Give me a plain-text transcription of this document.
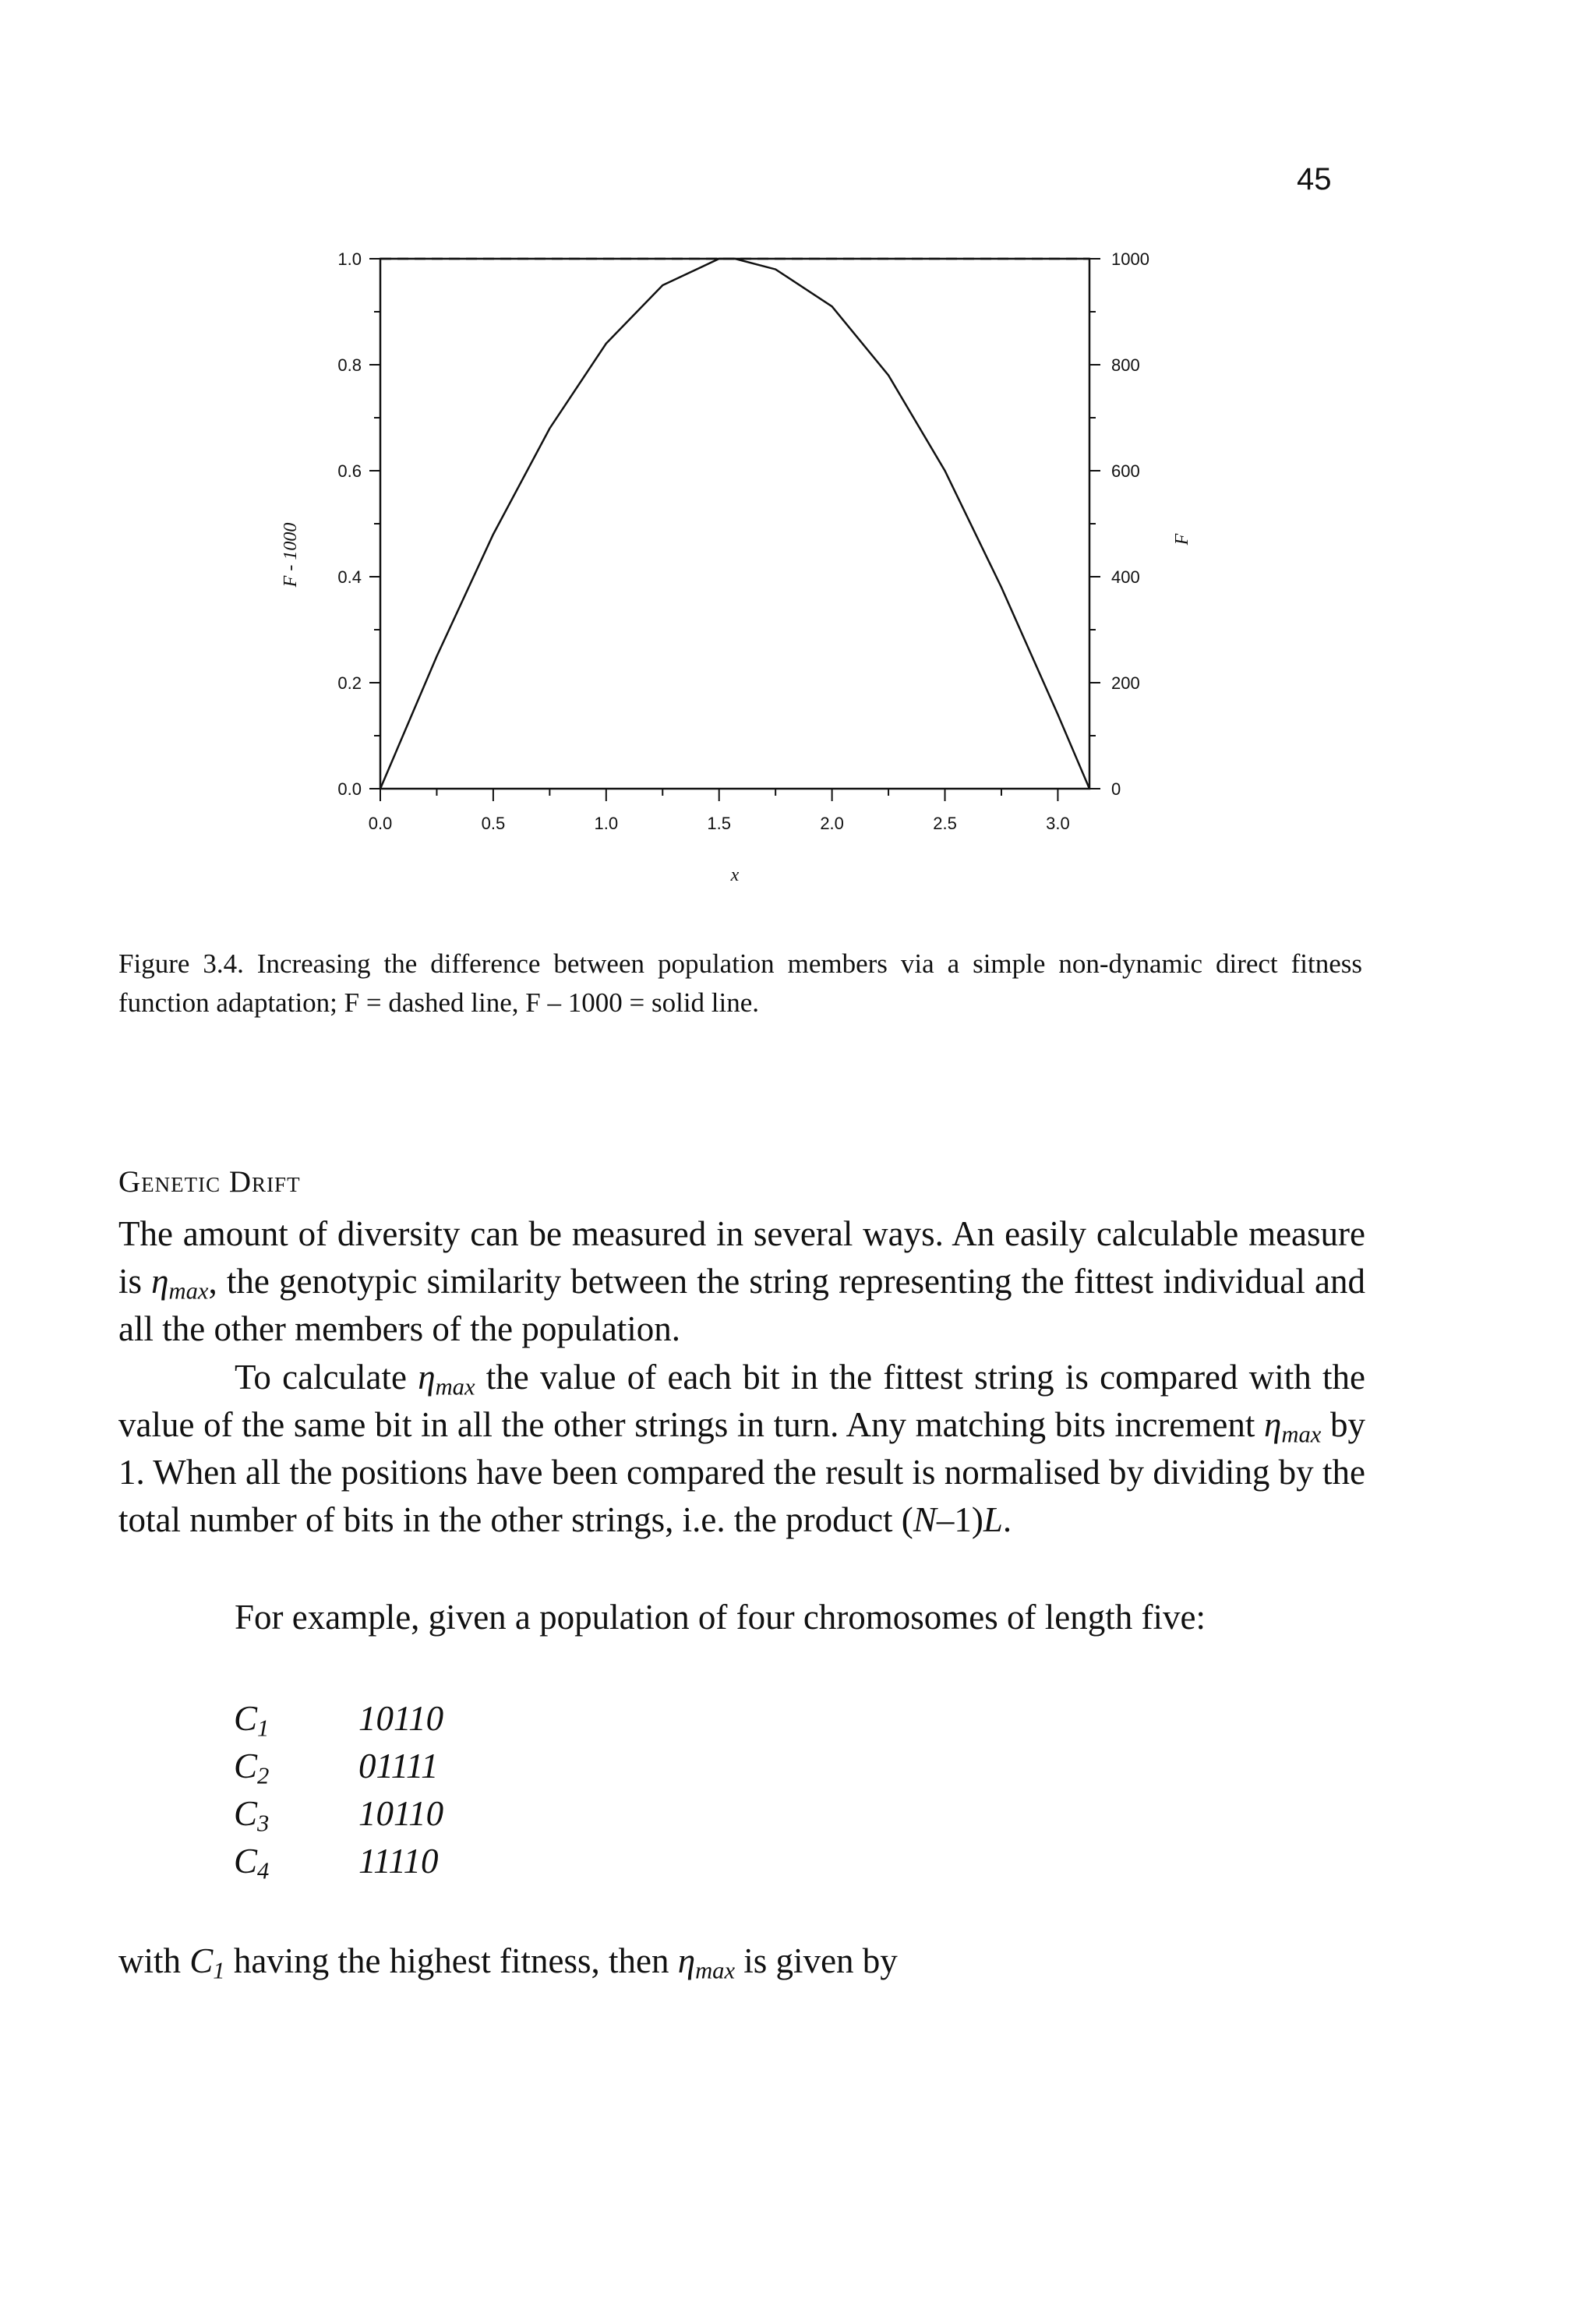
45
0.0	0.5	1.0	1.5	2.0	2.5	3.0
0.0
0.2
0.4
0.6
0.8
1.0
0
200
400
600
800
1000
x
F - 1000	F
Figure 3.4. Increasing the difference between population members via a simple non-dynamic direct fitness function adaptation; F = dashed line, F – 1000 = solid line.
Genetic Drift
The amount of diversity can be measured in several ways. An easily calculable measure is $\eta_{max}$, the genotypic similarity between the string representing the fittest individual and all the other members of the population.
To calculate $\eta_{max}$ the value of each bit in the fittest string is compared with the value of the same bit in all the other strings in turn. Any matching bits increment $\eta_{max}$ by 1. When all the positions have been compared the result is normalised by dividing by the total number of bits in the other strings, i.e. the product (N–1)L.
For example, given a population of four chromosomes of length five:
$C_1$	10110
$C_2$	01111
$C_3$	10110
$C_4$	11110
with $C_1$ having the highest fitness, then $\eta_{max}$ is given by
